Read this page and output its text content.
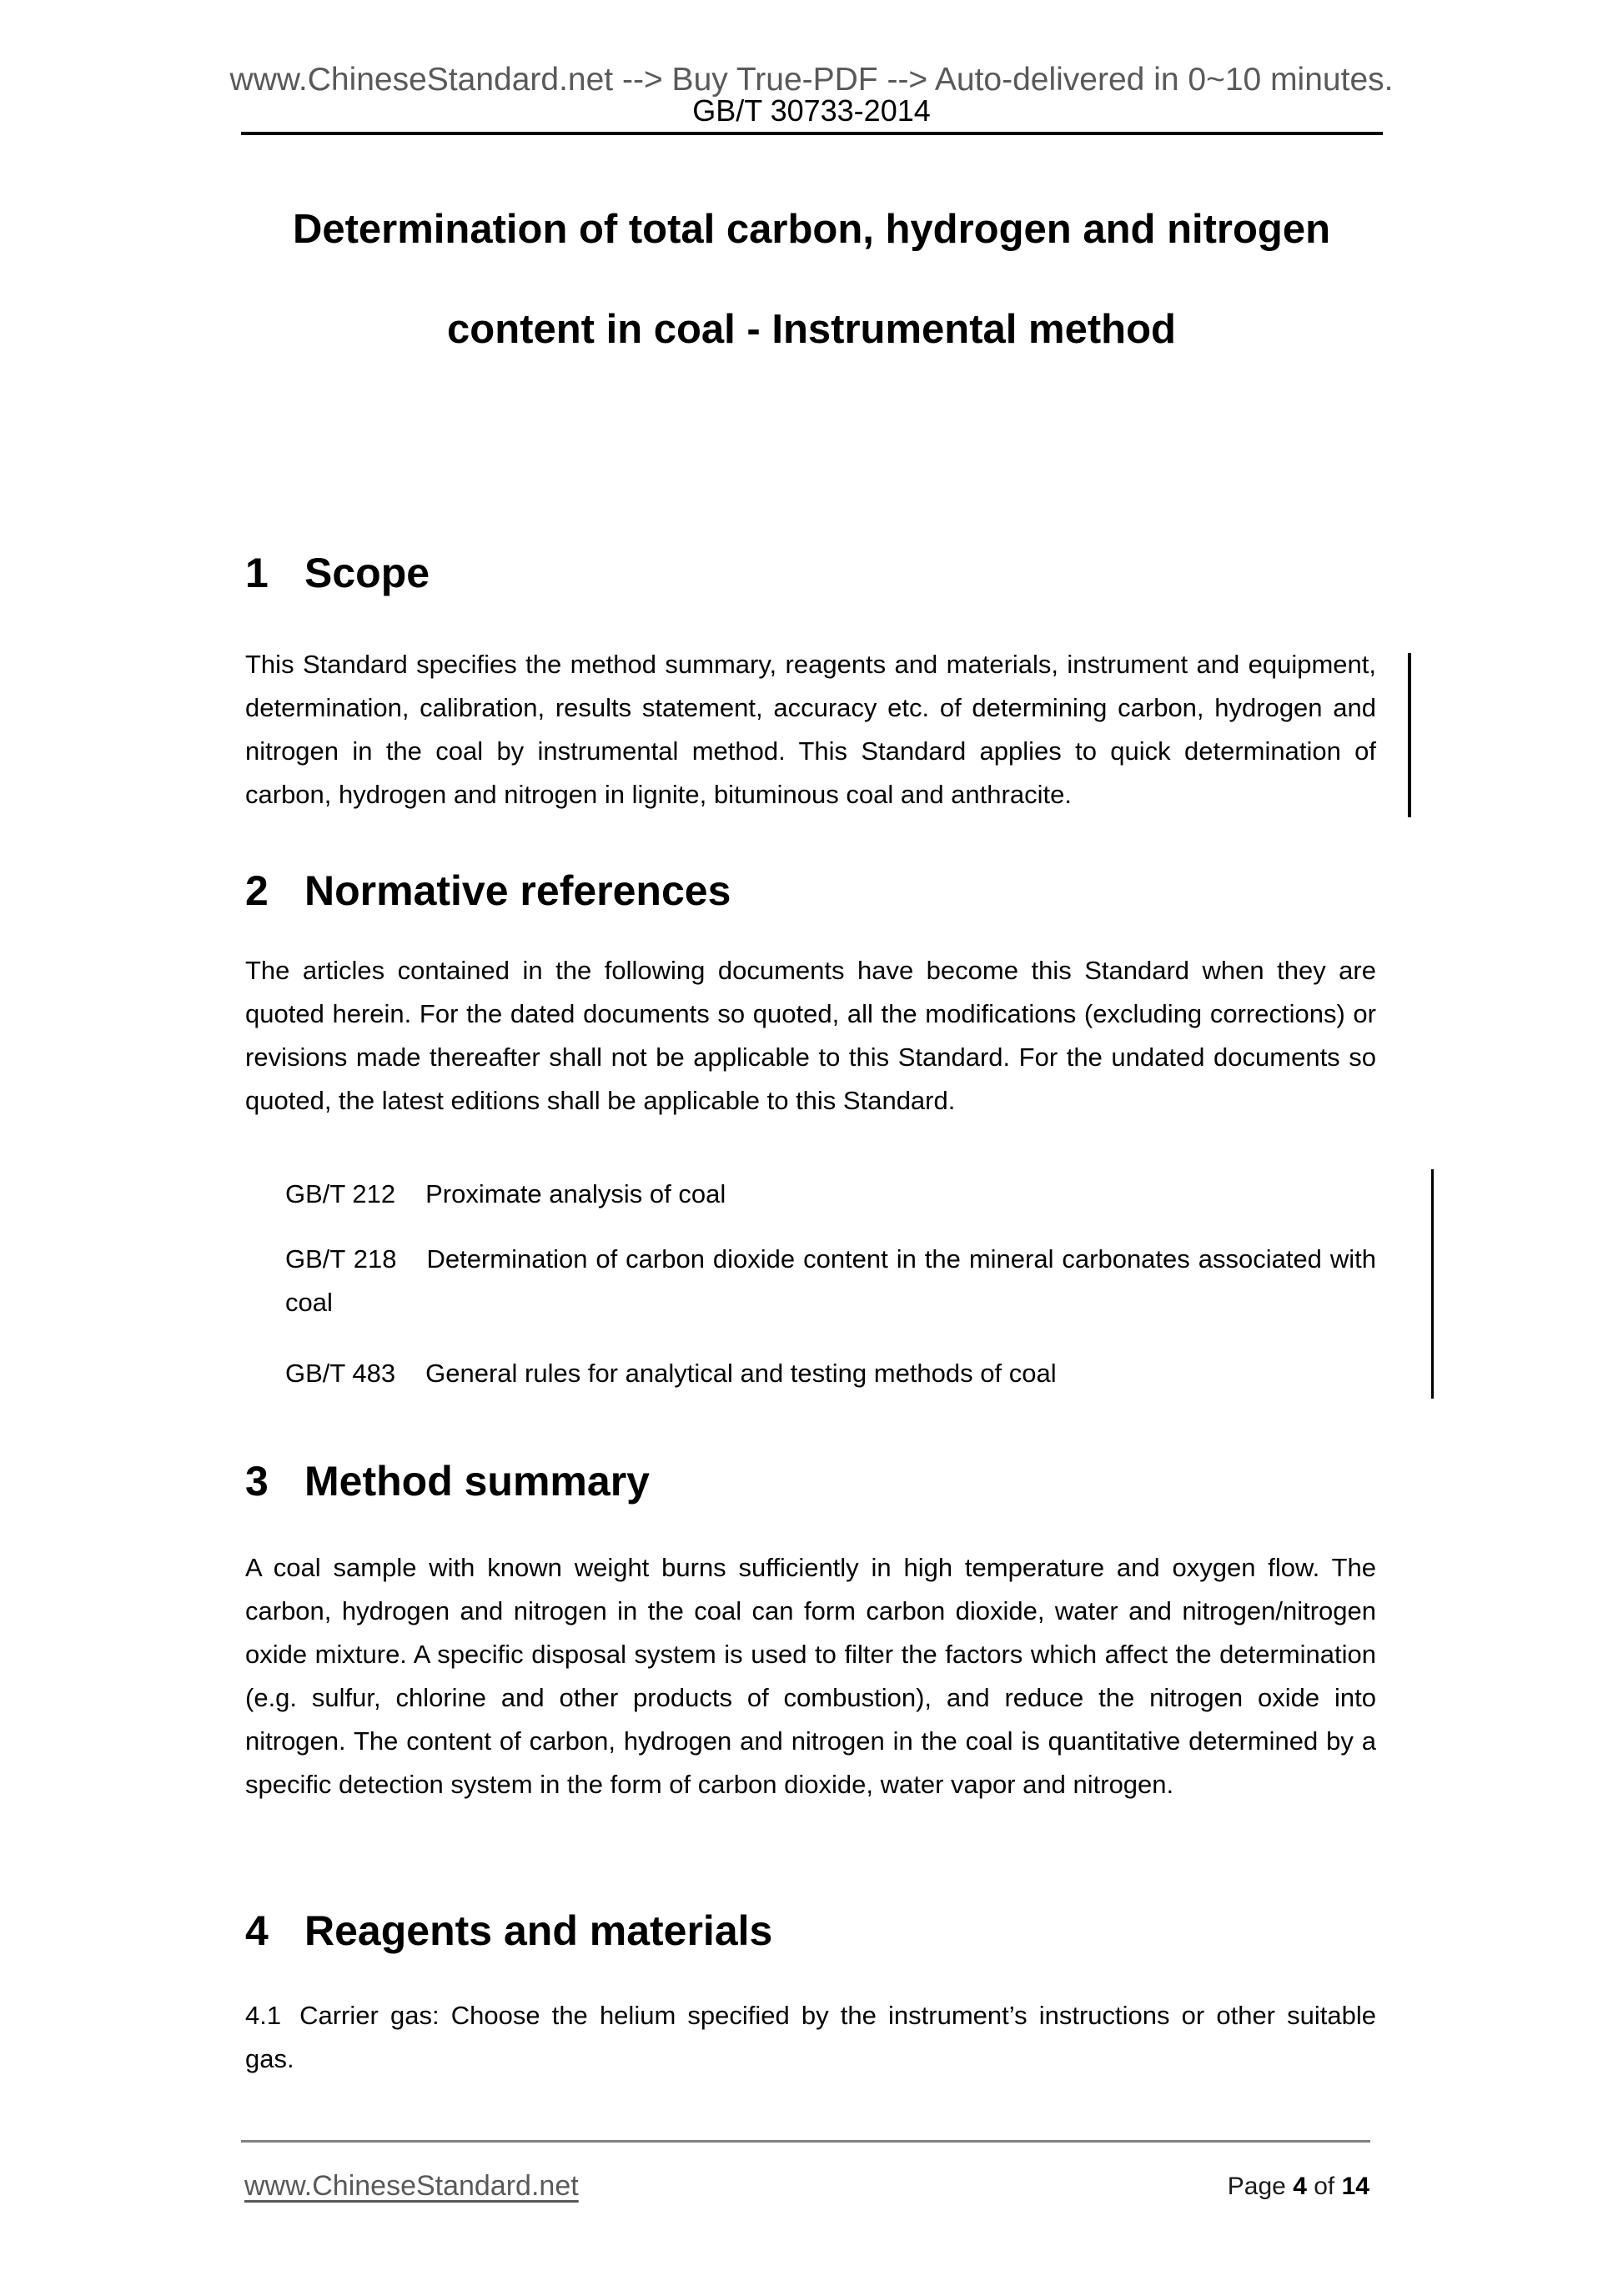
www.ChineseStandard.net --> Buy True-PDF --> Auto-delivered in 0~10 minutes.
GB/T 30733-2014
Determination of total carbon, hydrogen and nitrogen
content in coal - Instrumental method
1 Scope
This Standard specifies the method summary, reagents and materials, instrument and equipment, determination, calibration, results statement, accuracy etc. of determining carbon, hydrogen and nitrogen in the coal by instrumental method. This Standard applies to quick determination of carbon, hydrogen and nitrogen in lignite, bituminous coal and anthracite.
2 Normative references
The articles contained in the following documents have become this Standard when they are quoted herein. For the dated documents so quoted, all the modifications (excluding corrections) or revisions made thereafter shall not be applicable to this Standard. For the undated documents so quoted, the latest editions shall be applicable to this Standard.
GB/T 212 Proximate analysis of coal
GB/T 218 Determination of carbon dioxide content in the mineral carbonates associated with coal
GB/T 483 General rules for analytical and testing methods of coal
3 Method summary
A coal sample with known weight burns sufficiently in high temperature and oxygen flow. The carbon, hydrogen and nitrogen in the coal can form carbon dioxide, water and nitrogen/nitrogen oxide mixture. A specific disposal system is used to filter the factors which affect the determination (e.g. sulfur, chlorine and other products of combustion), and reduce the nitrogen oxide into nitrogen. The content of carbon, hydrogen and nitrogen in the coal is quantitative determined by a specific detection system in the form of carbon dioxide, water vapor and nitrogen.
4 Reagents and materials
4.1 Carrier gas: Choose the helium specified by the instrument’s instructions or other suitable gas.
www.ChineseStandard.net	Page 4 of 14
